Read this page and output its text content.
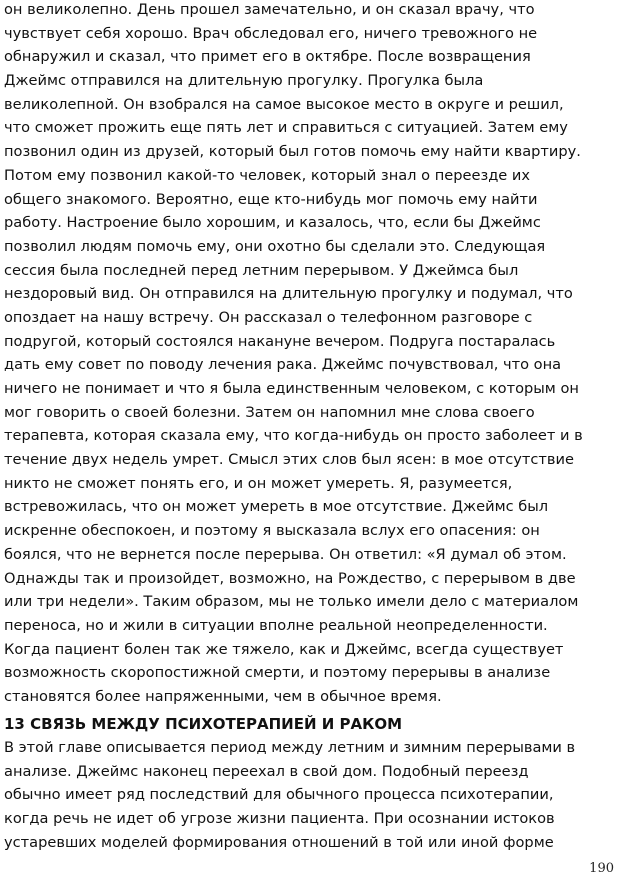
он великолепно. День прошел замечательно, и он сказал врачу, что
чувствует себя хорошо. Врач обследовал его, ничего тревожного не
обнаружил и сказал, что примет его в октябре. После возвращения
Джеймс отправился на длительную прогулку. Прогулка была
великолепной. Он взобрался на самое высокое место в округе и решил,
что сможет прожить еще пять лет и справиться с ситуацией. Затем ему
позвонил один из друзей, который был готов помочь ему найти квартиру.
Потом ему позвонил какой-то человек, который знал о переезде их
общего знакомого. Вероятно, еще кто-нибудь мог помочь ему найти
работу. Настроение было хорошим, и казалось, что, если бы Джеймс
позволил людям помочь ему, они охотно бы сделали это. Следующая
сессия была последней перед летним перерывом. У Джеймса был
нездоровый вид. Он отправился на длительную прогулку и подумал, что
опоздает на нашу встречу. Он рассказал о телефонном разговоре с
подругой, который состоялся накануне вечером. Подруга постаралась
дать ему совет по поводу лечения рака. Джеймс почувствовал, что она
ничего не понимает и что я была единственным человеком, с которым он
мог говорить о своей болезни. Затем он напомнил мне слова своего
терапевта, которая сказала ему, что когда-нибудь он просто заболеет и в
течение двух недель умрет. Смысл этих слов был ясен: в мое отсутствие
никто не сможет понять его, и он может умереть. Я, разумеется,
встревожилась, что он может умереть в мое отсутствие. Джеймс был
искренне обеспокоен, и поэтому я высказала вслух его опасения: он
боялся, что не вернется после перерыва. Он ответил: «Я думал об этом.
Однажды так и произойдет, возможно, на Рождество, с перерывом в две
или три недели». Таким образом, мы не только имели дело с материалом
переноса, но и жили в ситуации вполне реальной неопределенности.
Когда пациент болен так же тяжело, как и Джеймс, всегда существует
возможность скоропостижной смерти, и поэтому перерывы в анализе
становятся более напряженными, чем в обычное время.
13 СВЯЗЬ МЕЖДУ ПСИХОТЕРАПИЕЙ И РАКОМ
В этой главе описывается период между летним и зимним перерывами в
анализе. Джеймс наконец переехал в свой дом. Подобный переезд
обычно имеет ряд последствий для обычного процесса психотерапии,
когда речь не идет об угрозе жизни пациента. При осознании истоков
устаревших моделей формирования отношений в той или иной форме
190
